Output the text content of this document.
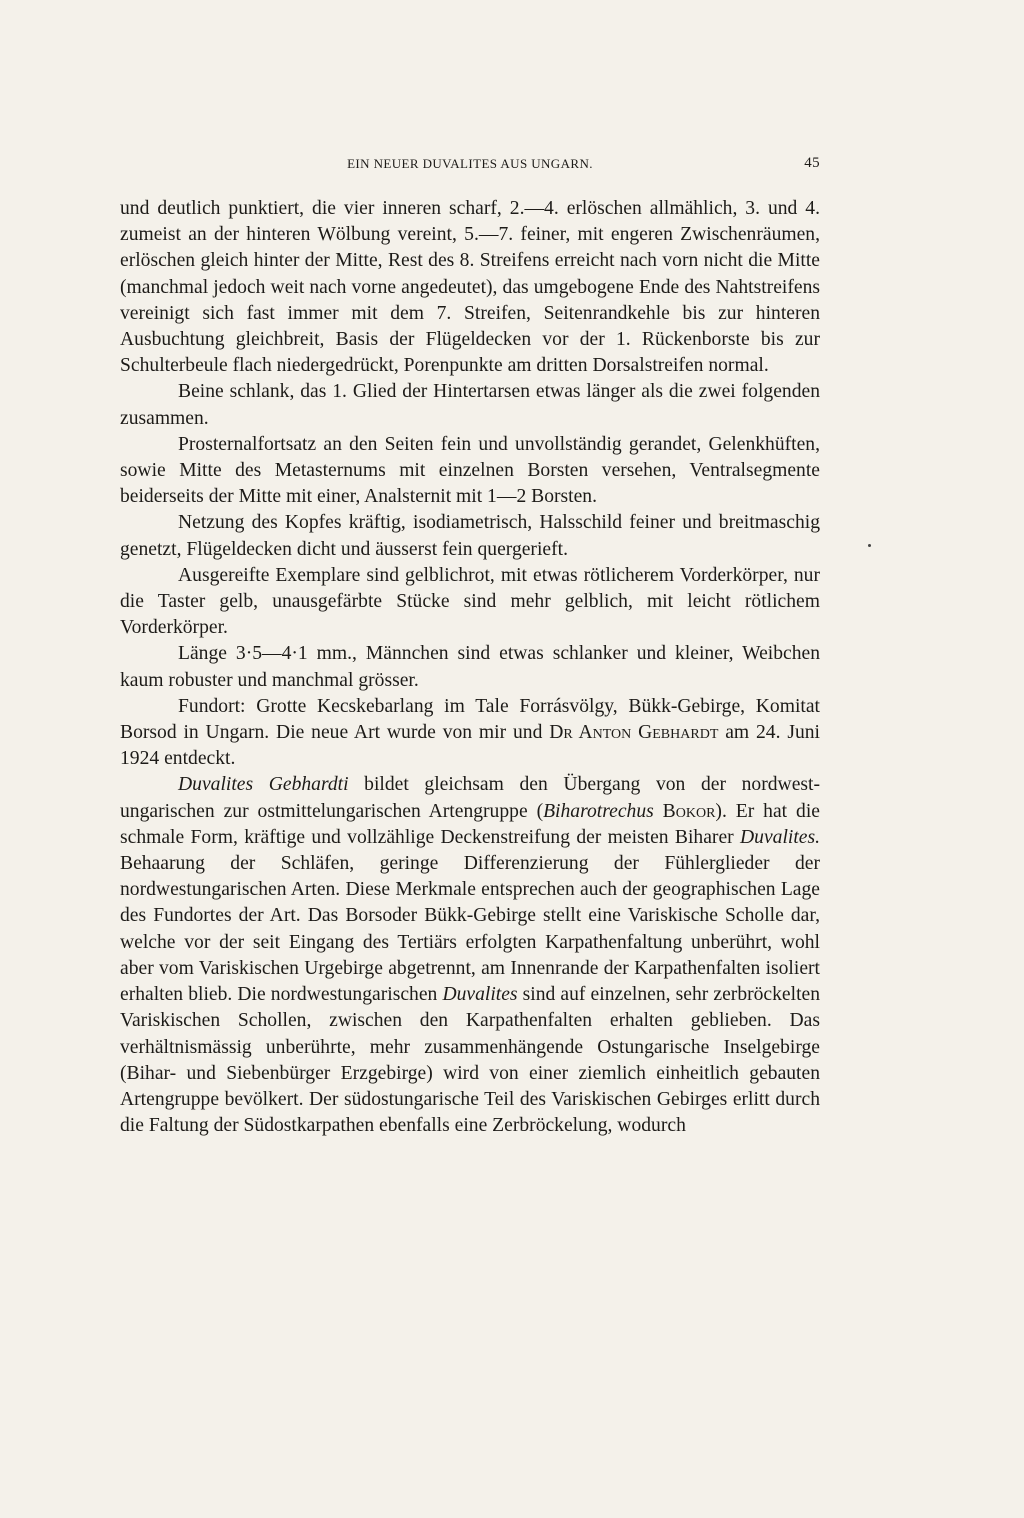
EIN NEUER DUVALITES AUS UNGARN.	45

und deutlich punktiert, die vier inneren scharf, 2.—4. erlöschen allmählich, 3. und 4. zumeist an der hinteren Wölbung vereint, 5.—7. feiner, mit engeren Zwischenräumen, erlöschen gleich hinter der Mitte, Rest des 8. Streifens erreicht nach vorn nicht die Mitte (manchmal jedoch weit nach vorne angedeutet), das umgebogene Ende des Nahtstreifens vereinigt sich fast immer mit dem 7. Streifen, Seitenrandkehle bis zur hinteren Ausbuchtung gleichbreit, Basis der Flügeldecken vor der 1. Rückenborste bis zur Schulterbeule flach niedergedrückt, Porenpunkte am dritten Dorsalstreifen normal.

Beine schlank, das 1. Glied der Hintertarsen etwas länger als die zwei folgenden zusammen.

Prosternalfortsatz an den Seiten fein und unvollständig gerandet, Gelenkhüften, sowie Mitte des Metasternums mit einzelnen Borsten versehen, Ventralsegmente beiderseits der Mitte mit einer, Analsternit mit 1—2 Borsten.

Netzung des Kopfes kräftig, isodiametrisch, Halsschild feiner und breitmaschig genetzt, Flügeldecken dicht und äusserst fein quergerieft.

Ausgereifte Exemplare sind gelblichrot, mit etwas rötlicherem Vorderkörper, nur die Taster gelb, unausgefärbte Stücke sind mehr gelblich, mit leicht rötlichem Vorderkörper.

Länge 3·5—4·1 mm., Männchen sind etwas schlanker und kleiner, Weibchen kaum robuster und manchmal grösser.

Fundort: Grotte Kecskebarlang im Tale Forrásvölgy, Bükk-Gebirge, Komitat Borsod in Ungarn. Die neue Art wurde von mir und Dr Anton Gebhardt am 24. Juni 1924 entdeckt.

Duvalites Gebhardti bildet gleichsam den Übergang von der nordwestungarischen zur ostmittelungarischen Artengruppe (Biharotrechus Bokor). Er hat die schmale Form, kräftige und vollzählige Deckenstreifung der meisten Biharer Duvalites. Behaarung der Schläfen, geringe Differenzierung der Fühlerglieder der nordwestungarischen Arten. Diese Merkmale entsprechen auch der geographischen Lage des Fundortes der Art. Das Borsoder Bükk-Gebirge stellt eine Variskische Scholle dar, welche vor der seit Eingang des Tertiärs erfolgten Karpathenfaltung unberührt, wohl aber vom Variskischen Urgebirge abgetrennt, am Innenrande der Karpathenfalten isoliert erhalten blieb. Die nordwestungarischen Duvalites sind auf einzelnen, sehr zerbröckelten Variskischen Schollen, zwischen den Karpathenfalten erhalten geblieben. Das verhältnismässig unberührte, mehr zusammenhängende Ostungarische Inselgebirge (Bihar- und Siebenbürger Erzgebirge) wird von einer ziemlich einheitlich gebauten Artengruppe bevölkert. Der südostungarische Teil des Variskischen Gebirges erlitt durch die Faltung der Südostkarpathen ebenfalls eine Zerbröckelung, wodurch
